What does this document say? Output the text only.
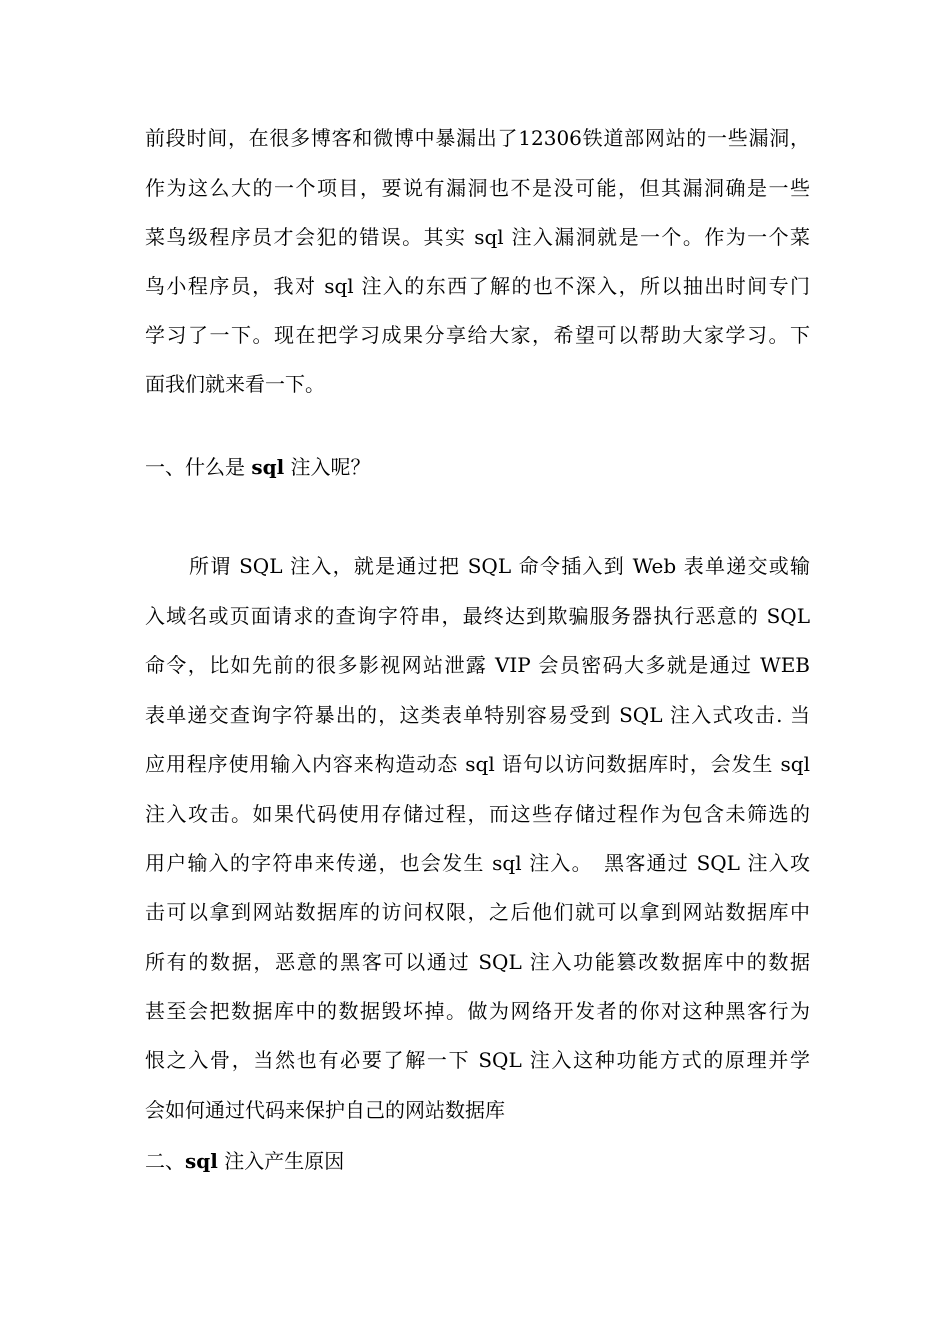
前段时间，在很多博客和微博中暴漏出了12306铁道部网站的一些漏洞，
作为这么大的一个项目，要说有漏洞也不是没可能，但其漏洞确是一些
菜鸟级程序员才会犯的错误。其实 sql 注入漏洞就是一个。作为一个菜
鸟小程序员，我对 sql 注入的东西了解的也不深入，所以抽出时间专门
学习了一下。现在把学习成果分享给大家，希望可以帮助大家学习。下
面我们就来看一下。
一、什么是 sql 注入呢？
所谓 SQL 注入，就是通过把 SQL 命令插入到 Web 表单递交或输
入域名或页面请求的查询字符串，最终达到欺骗服务器执行恶意的 SQL
命令，比如先前的很多影视网站泄露 VIP 会员密码大多就是通过 WEB
表单递交查询字符暴出的，这类表单特别容易受到 SQL 注入式攻击. 当
应用程序使用输入内容来构造动态 sql 语句以访问数据库时，会发生 sql
注入攻击。如果代码使用存储过程，而这些存储过程作为包含未筛选的
用户输入的字符串来传递，也会发生 sql 注入。　黑客通过 SQL 注入攻
击可以拿到网站数据库的访问权限，之后他们就可以拿到网站数据库中
所有的数据，恶意的黑客可以通过 SQL 注入功能篡改数据库中的数据
甚至会把数据库中的数据毁坏掉。做为网络开发者的你对这种黑客行为
恨之入骨，当然也有必要了解一下 SQL 注入这种功能方式的原理并学
会如何通过代码来保护自己的网站数据库
二、sql 注入产生原因
